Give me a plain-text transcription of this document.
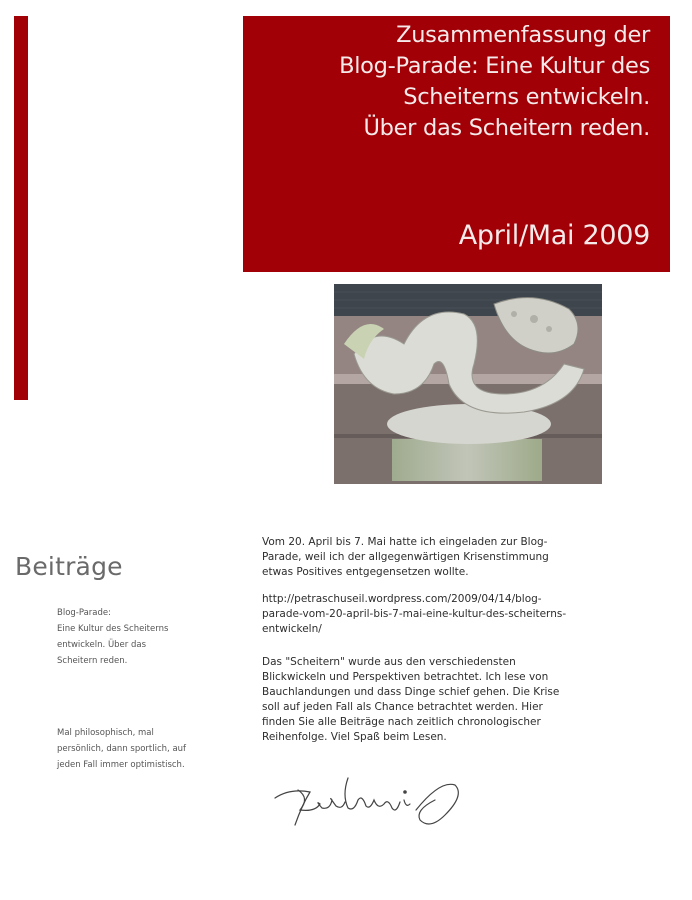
Zusammenfassung der
Blog-Parade: Eine Kultur des
Scheiterns entwickeln.
Über das Scheitern reden.
April/Mai 2009
Beiträge
Blog-Parade:
Eine Kultur des Scheiterns
entwickeln. Über das
Scheitern reden.
Mal philosophisch, mal
persönlich, dann sportlich, auf
jeden Fall immer optimistisch.
Vom 20. April bis 7. Mai hatte ich eingeladen zur Blog-
Parade, weil ich der allgegenwärtigen Krisenstimmung
etwas Positives entgegensetzen wollte.
http://petraschuseil.wordpress.com/2009/04/14/blog-
parade-vom-20-april-bis-7-mai-eine-kultur-des-scheiterns-
entwickeln/
Das "Scheitern" wurde aus den verschiedensten
Blickwickeln und Perspektiven betrachtet. Ich lese von
Bauchlandungen und dass Dinge schief gehen. Die Krise
soll auf jeden Fall als Chance betrachtet werden. Hier
finden Sie alle Beiträge nach zeitlich chronologischer
Reihenfolge. Viel Spaß beim Lesen.
